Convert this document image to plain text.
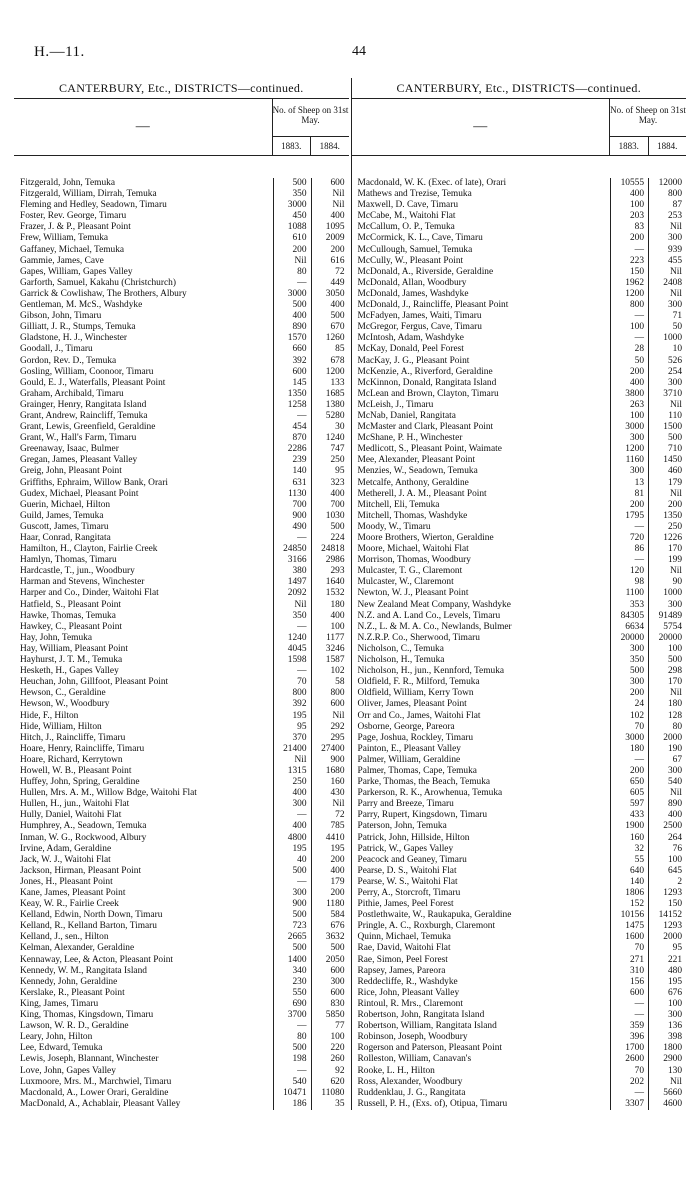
H.—11.	44
CANTERBURY, Etc., DISTRICTS—continued.
—
No. of Sheep on 31st May.
1883.	1884.
Fitzgerald, John, Temuka	500	600
Fitzgerald, William, Dirrah, Temuka	350	Nil
Fleming and Hedley, Seadown, Timaru	3000	Nil
Foster, Rev. George, Timaru	450	400
Frazer, J. & P., Pleasant Point	1088	1095
Frew, William, Temuka	610	2009
Gaffaney, Michael, Temuka	200	200
Gammie, James, Cave	Nil	616
Gapes, William, Gapes Valley	80	72
Garforth, Samuel, Kakahu (Christchurch)	—	449
Garrick & Cowlishaw, The Brothers, Albury	3000	3050
Gentleman, M. McS., Washdyke	500	400
Gibson, John, Timaru	400	500
Gilliatt, J. R., Stumps, Temuka	890	670
Gladstone, H. J., Winchester	1570	1260
Goodall, J., Timaru	660	85
Gordon, Rev. D., Temuka	392	678
Gosling, William, Coonoor, Timaru	600	1200
Gould, E. J., Waterfalls, Pleasant Point	145	133
Graham, Archibald, Timaru	1350	1685
Grainger, Henry, Rangitata Island	1258	1380
Grant, Andrew, Raincliff, Temuka	—	5280
Grant, Lewis, Greenfield, Geraldine	454	30
Grant, W., Hall's Farm, Timaru	870	1240
Greenaway, Isaac, Bulmer	2286	747
Gregan, James, Pleasant Valley	239	250
Greig, John, Pleasant Point	140	95
Griffiths, Ephraim, Willow Bank, Orari	631	323
Gudex, Michael, Pleasant Point	1130	400
Guerin, Michael, Hilton	700	700
Guild, James, Temuka	900	1030
Guscott, James, Timaru	490	500
Haar, Conrad, Rangitata	—	224
Hamilton, H., Clayton, Fairlie Creek	24850	24818
Hamlyn, Thomas, Timaru	3166	2986
Hardcastle, T., jun., Woodbury	380	293
Harman and Stevens, Winchester	1497	1640
Harper and Co., Dinder, Waitohi Flat	2092	1532
Hatfield, S., Pleasant Point	Nil	180
Hawke, Thomas, Temuka	350	400
Hawkey, C., Pleasant Point	—	100
Hay, John, Temuka	1240	1177
Hay, William, Pleasant Point	4045	3246
Hayhurst, J. T. M., Temuka	1598	1587
Hesketh, H., Gapes Valley	—	102
Heuchan, John, Gillfoot, Pleasant Point	70	58
Hewson, C., Geraldine	800	800
Hewson, W., Woodbury	392	600
Hide, F., Hilton	195	Nil
Hide, William, Hilton	95	292
Hitch, J., Raincliffe, Timaru	370	295
Hoare, Henry, Raincliffe, Timaru	21400	27400
Hoare, Richard, Kerrytown	Nil	900
Howell, W. B., Pleasant Point	1315	1680
Huffey, John, Spring, Geraldine	250	160
Hullen, Mrs. A. M., Willow Bdge, Waitohi Flat	400	430
Hullen, H., jun., Waitohi Flat	300	Nil
Hully, Daniel, Waitohi Flat	—	72
Humphrey, A., Seadown, Temuka	400	785
Inman, W. G., Rockwood, Albury	4800	4410
Irvine, Adam, Geraldine	195	195
Jack, W. J., Waitohi Flat	40	200
Jackson, Hirman, Pleasant Point	500	400
Jones, H., Pleasant Point	—	179
Kane, James, Pleasant Point	300	200
Keay, W. R., Fairlie Creek	900	1180
Kelland, Edwin, North Down, Timaru	500	584
Kelland, R., Kelland Barton, Timaru	723	676
Kelland, J., sen., Hilton	2665	3632
Kelman, Alexander, Geraldine	500	500
Kennaway, Lee, & Acton, Pleasant Point	1400	2050
Kennedy, W. M., Rangitata Island	340	600
Kennedy, John, Geraldine	230	300
Kerslake, R., Pleasant Point	550	600
King, James, Timaru	690	830
King, Thomas, Kingsdown, Timaru	3700	5850
Lawson, W. R. D., Geraldine	—	77
Leary, John, Hilton	80	100
Lee, Edward, Temuka	500	220
Lewis, Joseph, Blannant, Winchester	198	260
Love, John, Gapes Valley	—	92
Luxmoore, Mrs. M., Marchwiel, Timaru	540	620
Macdonald, A., Lower Orari, Geraldine	10471	11080
MacDonald, A., Achablair, Pleasant Valley	186	35
CANTERBURY, Etc., DISTRICTS—continued.
—
No. of Sheep on 31st May.
1883.	1884.
Macdonald, W. K. (Exec. of late), Orari	10555	12000
Mathews and Trezise, Temuka	400	800
Maxwell, D. Cave, Timaru	100	87
McCabe, M., Waitohi Flat	203	253
McCallum, O. P., Temuka	83	Nil
McCormick, K. L., Cave, Timaru	200	300
McCullough, Samuel, Temuka	—	939
McCully, W., Pleasant Point	223	455
McDonald, A., Riverside, Geraldine	150	Nil
McDonald, Allan, Woodbury	1962	2408
McDonald, James, Washdyke	1200	Nil
McDonald, J., Raincliffe, Pleasant Point	800	300
McFadyen, James, Waiti, Timaru	—	71
McGregor, Fergus, Cave, Timaru	100	50
McIntosh, Adam, Washdyke	—	1000
McKay, Donald, Peel Forest	28	10
MacKay, J. G., Pleasant Point	50	526
McKenzie, A., Riverford, Geraldine	200	254
McKinnon, Donald, Rangitata Island	400	300
McLean and Brown, Clayton, Timaru	3800	3710
McLeish, J., Timaru	263	Nil
McNab, Daniel, Rangitata	100	110
McMaster and Clark, Pleasant Point	3000	1500
McShane, P. H., Winchester	300	500
Medlicott, S., Pleasant Point, Waimate	1200	710
Mee, Alexander, Pleasant Point	1160	1450
Menzies, W., Seadown, Temuka	300	460
Metcalfe, Anthony, Geraldine	13	179
Metherell, J. A. M., Pleasant Point	81	Nil
Mitchell, Eli, Temuka	200	200
Mitchell, Thomas, Washdyke	1795	1350
Moody, W., Timaru	—	250
Moore Brothers, Wierton, Geraldine	720	1226
Moore, Michael, Waitohi Flat	86	170
Morrison, Thomas, Woodbury	—	199
Mulcaster, T. G., Claremont	120	Nil
Mulcaster, W., Claremont	98	90
Newton, W. J., Pleasant Point	1100	1000
New Zealand Meat Company, Washdyke	353	300
N.Z. and A. Land Co., Levels, Timaru	84305	91489
N.Z., L. & M. A. Co., Newlands, Bulmer	6634	5754
N.Z.R.P. Co., Sherwood, Timaru	20000	20000
Nicholson, C., Temuka	300	100
Nicholson, H., Temuka	350	500
Nicholson, H., jun., Kennford, Temuka	500	298
Oldfield, F. R., Milford, Temuka	300	170
Oldfield, William, Kerry Town	200	Nil
Oliver, James, Pleasant Point	24	180
Orr and Co., James, Waitohi Flat	102	128
Osborne, George, Pareora	70	80
Page, Joshua, Rockley, Timaru	3000	2000
Painton, E., Pleasant Valley	180	190
Palmer, William, Geraldine	—	67
Palmer, Thomas, Cape, Temuka	200	300
Parke, Thomas, the Beach, Temuka	650	540
Parkerson, R. K., Arowhenua, Temuka	605	Nil
Parry and Breeze, Timaru	597	890
Parry, Rupert, Kingsdown, Timaru	433	400
Paterson, John, Temuka	1900	2500
Patrick, John, Hillside, Hilton	160	264
Patrick, W., Gapes Valley	32	76
Peacock and Geaney, Timaru	55	100
Pearse, D. S., Waitohi Flat	640	645
Pearse, W. S., Waitohi Flat	140	2
Perry, A., Storcroft, Timaru	1806	1293
Pithie, James, Peel Forest	152	150
Postlethwaite, W., Raukapuka, Geraldine	10156	14152
Pringle, A. C., Roxburgh, Claremont	1475	1293
Quinn, Michael, Temuka	1600	2000
Rae, David, Waitohi Flat	70	95
Rae, Simon, Peel Forest	271	221
Rapsey, James, Pareora	310	480
Reddecliffe, R., Washdyke	156	195
Rice, John, Pleasant Valley	600	676
Rintoul, R. Mrs., Claremont	—	100
Robertson, John, Rangitata Island	—	300
Robertson, William, Rangitata Island	359	136
Robinson, Joseph, Woodbury	396	398
Rogerson and Paterson, Pleasant Point	1700	1800
Rolleston, William, Canavan's	2600	2900
Rooke, L. H., Hilton	70	130
Ross, Alexander, Woodbury	202	Nil
Ruddenklau, J. G., Rangitata	—	5660
Russell, P. H., (Exs. of), Otipua, Timaru	3307	4600
